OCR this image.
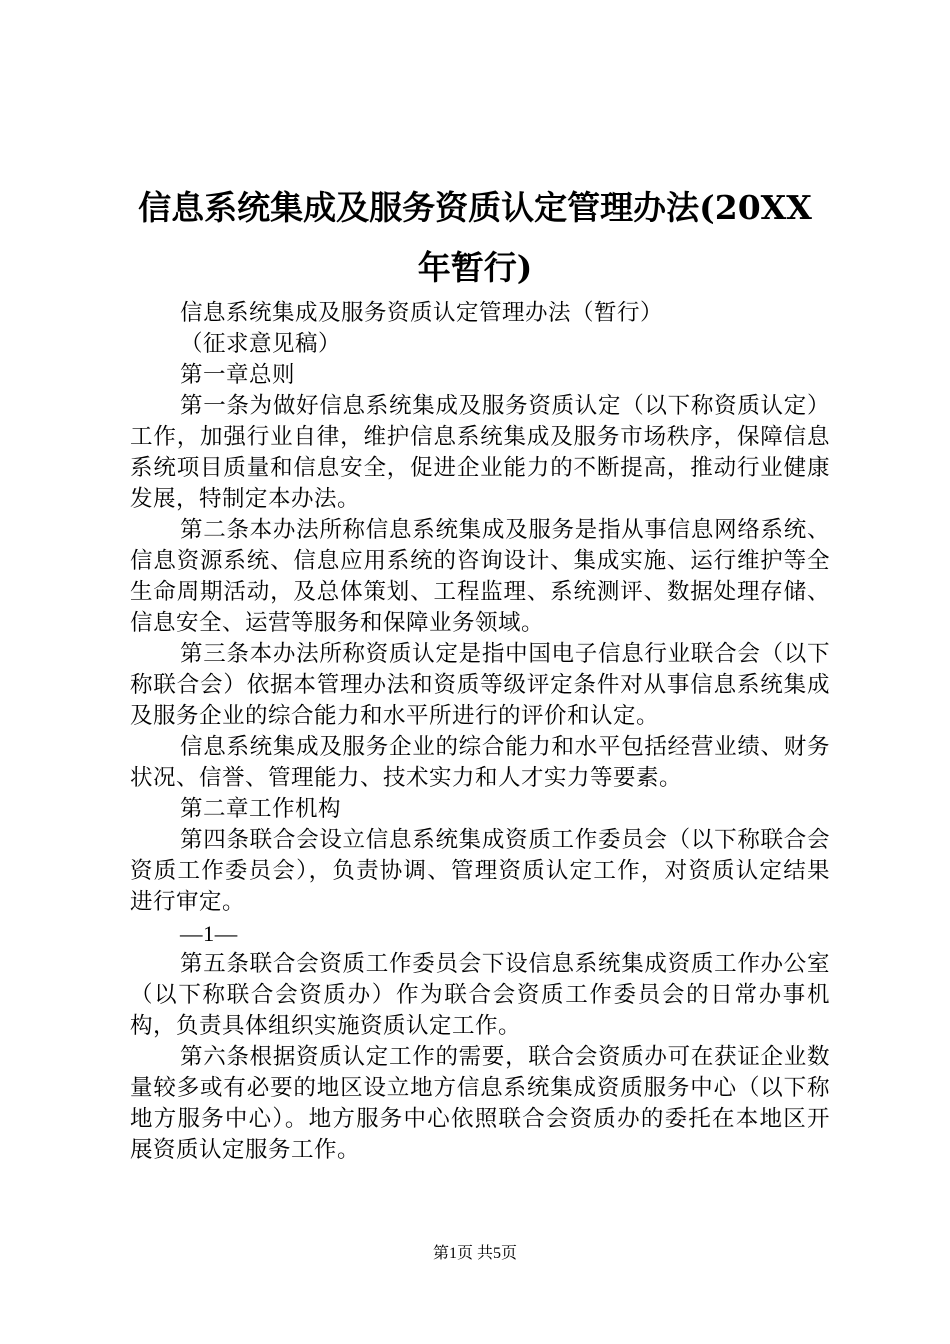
信息系统集成及服务资质认定管理办法(20XX
年暂行)

信息系统集成及服务资质认定管理办法（暂行）

（征求意见稿）

第一章总则

第一条为做好信息系统集成及服务资质认定（以下称资质认定）工作，加强行业自律，维护信息系统集成及服务市场秩序，保障信息系统项目质量和信息安全，促进企业能力的不断提高，推动行业健康发展，特制定本办法。

第二条本办法所称信息系统集成及服务是指从事信息网络系统、信息资源系统、信息应用系统的咨询设计、集成实施、运行维护等全生命周期活动，及总体策划、工程监理、系统测评、数据处理存储、信息安全、运营等服务和保障业务领域。

第三条本办法所称资质认定是指中国电子信息行业联合会（以下称联合会）依据本管理办法和资质等级评定条件对从事信息系统集成及服务企业的综合能力和水平所进行的评价和认定。

信息系统集成及服务企业的综合能力和水平包括经营业绩、财务状况、信誉、管理能力、技术实力和人才实力等要素。

第二章工作机构

第四条联合会设立信息系统集成资质工作委员会（以下称联合会资质工作委员会），负责协调、管理资质认定工作，对资质认定结果进行审定。

—1—

第五条联合会资质工作委员会下设信息系统集成资质工作办公室（以下称联合会资质办）作为联合会资质工作委员会的日常办事机构，负责具体组织实施资质认定工作。

第六条根据资质认定工作的需要，联合会资质办可在获证企业数量较多或有必要的地区设立地方信息系统集成资质服务中心（以下称地方服务中心）。地方服务中心依照联合会资质办的委托在本地区开展资质认定服务工作。

第1页 共5页
